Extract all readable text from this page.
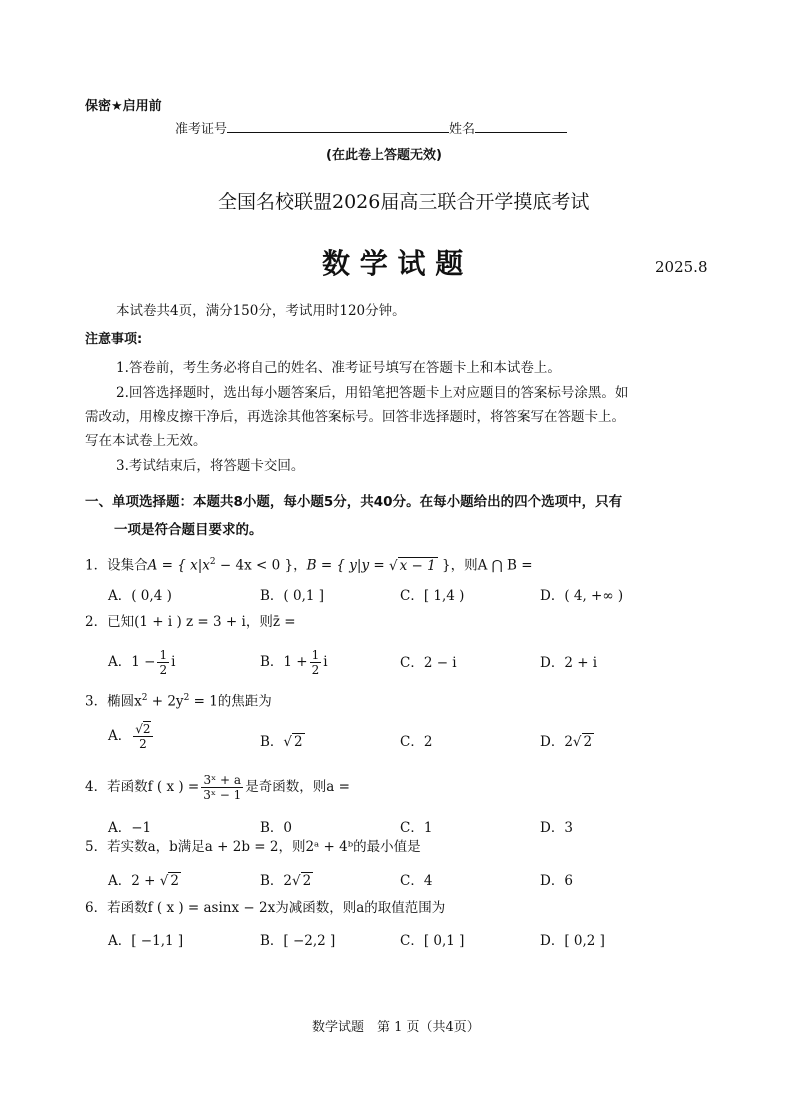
保密★启用前
准考证号	姓名
(在此卷上答题无效)
全国名校联盟2026届高三联合开学摸底考试
数 学 试 题	2025.8
本试卷共4页，满分150分，考试用时120分钟。
注意事项:
1.答卷前，考生务必将自己的姓名、准考证号填写在答题卡上和本试卷上。
2.回答选择题时，选出每小题答案后，用铅笔把答题卡上对应题目的答案标号涂黑。如
需改动，用橡皮擦干净后，再选涂其他答案标号。回答非选择题时，将答案写在答题卡上。
写在本试卷上无效。
3.考试结束后，将答题卡交回。
一、单项选择题：本题共8小题，每小题5分，共40分。在每小题给出的四个选项中，只有
一项是符合题目要求的。
1．设集合A = { $x|x^2 - 4x < 0$ }，B = { y|y = √ x − 1 }，则A ⋂ B =
A．( 0,4 )	B．( 0,1 ]	C．[ 1,4 )	D．( 4, +∞ )
2．已知(1 + i ) z = 3 + i，则z̄ =
A．$1 - \frac{1}{2}$ i	B．$1 + \frac{1}{2}$ i	C．2 − i	D．2 + i
3．椭圆$x^2 + 2y^2 = 1$的焦距为
A． $\frac{√2}{2}$	B．√ 2	C．2	D．2√ 2
4．若函数f ( x ) = $\frac{\text{3ˣ + a}}{\text{3ˣ − 1}}$ 是奇函数，则a =
A．−1	B．0	C．1	D．3
5．若实数a，b满足a + 2b = 2，则2ᵃ + 4ᵇ的最小值是
A．2 + √ 2	B．2√ 2	C．4	D．6
6．若函数f ( x ) = asinx − 2x为减函数，则a的取值范围为
A．[ −1,1 ]	B．[ −2,2 ]	C．[ 0,1 ]	D．[ 0,2 ]
数学试题　第 1 页（共4页）
